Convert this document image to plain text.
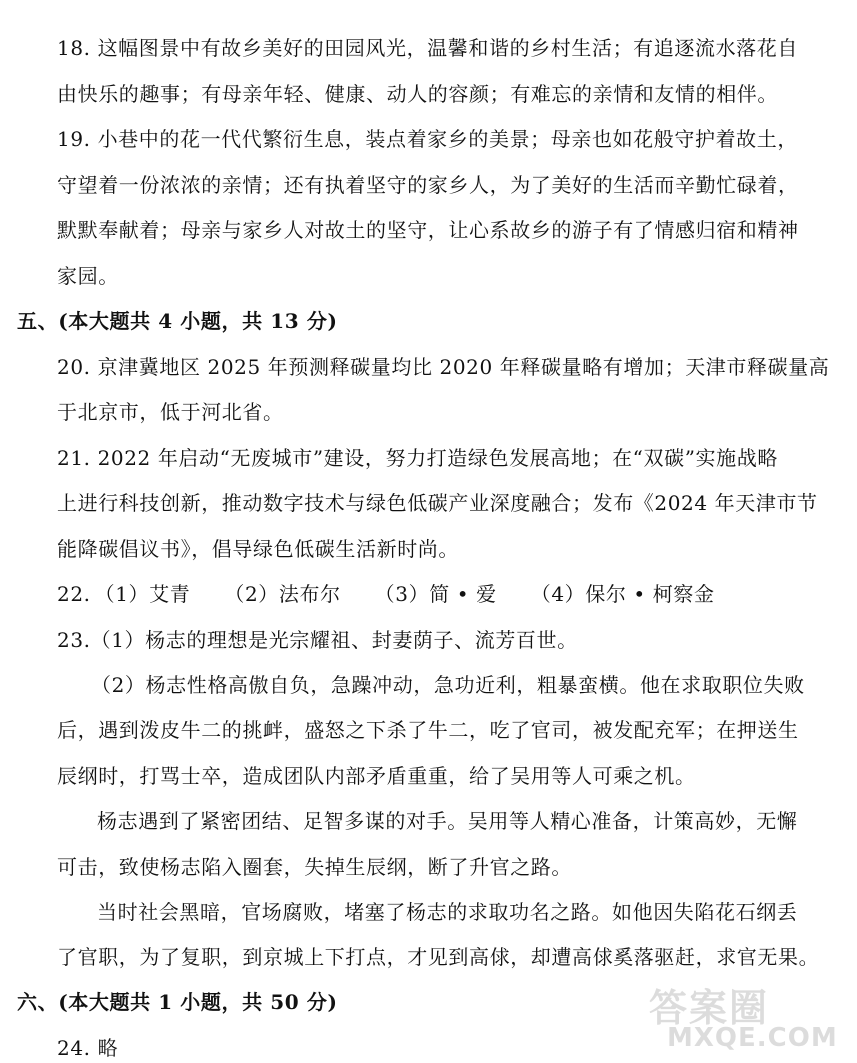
18. 这幅图景中有故乡美好的田园风光，温馨和谐的乡村生活；有追逐流水落花自
由快乐的趣事；有母亲年轻、健康、动人的容颜；有难忘的亲情和友情的相伴。
19. 小巷中的花一代代繁衍生息，装点着家乡的美景；母亲也如花般守护着故土，
守望着一份浓浓的亲情；还有执着坚守的家乡人，为了美好的生活而辛勤忙碌着，
默默奉献着；母亲与家乡人对故土的坚守，让心系故乡的游子有了情感归宿和精神
家园。
五、(本大题共 4 小题，共 13 分)
20. 京津冀地区 2025 年预测释碳量均比 2020 年释碳量略有增加；天津市释碳量高
于北京市，低于河北省。
21. 2022 年启动“无废城市”建设，努力打造绿色发展高地；在“双碳”实施战略
上进行科技创新，推动数字技术与绿色低碳产业深度融合；发布《2024 年天津市节
能降碳倡议书》，倡导绿色低碳生活新时尚。
22. （1）艾青 （2）法布尔 （3）简 • 爱 （4）保尔 • 柯察金
23.（1）杨志的理想是光宗耀祖、封妻荫子、流芳百世。
（2）杨志性格高傲自负，急躁冲动，急功近利，粗暴蛮横。他在求取职位失败
后，遇到泼皮牛二的挑衅，盛怒之下杀了牛二，吃了官司，被发配充军；在押送生
辰纲时，打骂士卒，造成团队内部矛盾重重，给了吴用等人可乘之机。
杨志遇到了紧密团结、足智多谋的对手。吴用等人精心准备，计策高妙，无懈
可击，致使杨志陷入圈套，失掉生辰纲，断了升官之路。
当时社会黑暗，官场腐败，堵塞了杨志的求取功名之路。如他因失陷花石纲丢
了官职，为了复职，到京城上下打点，才见到高俅，却遭高俅奚落驱赶，求官无果。
六、(本大题共 1 小题，共 50 分)
24. 略
答案圈
MXQE.COM
